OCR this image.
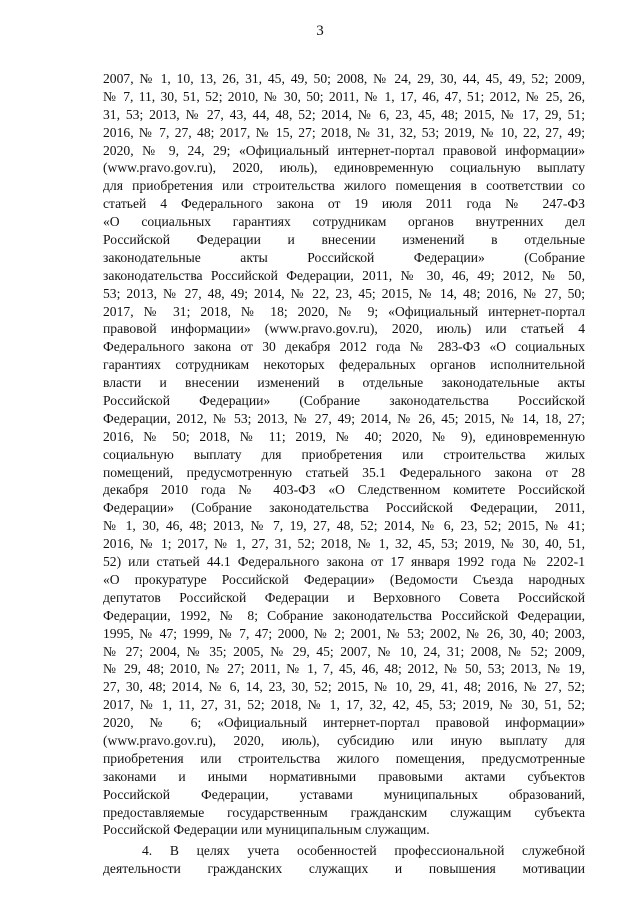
3
2007, № 1, 10, 13, 26, 31, 45, 49, 50; 2008, № 24, 29, 30, 44, 45, 49, 52; 2009,
№ 7, 11, 30, 51, 52; 2010, № 30, 50; 2011, № 1, 17, 46, 47, 51; 2012, № 25, 26,
31, 53; 2013, № 27, 43, 44, 48, 52; 2014, № 6, 23, 45, 48; 2015, № 17, 29, 51;
2016, № 7, 27, 48; 2017, № 15, 27; 2018, № 31, 32, 53; 2019, № 10, 22, 27, 49;
2020, № 9, 24, 29; «Официальный интернет-портал правовой информации»
(www.pravo.gov.ru), 2020, июль), единовременную социальную выплату
для приобретения или строительства жилого помещения в соответствии со
статьей 4 Федерального закона от 19 июля 2011 года № 247-ФЗ
«О социальных гарантиях сотрудникам органов внутренних дел
Российской Федерации и внесении изменений в отдельные
законодательные акты Российской Федерации» (Собрание
законодательства Российской Федерации, 2011, № 30, 46, 49; 2012, № 50,
53; 2013, № 27, 48, 49; 2014, № 22, 23, 45; 2015, № 14, 48; 2016, № 27, 50;
2017, № 31; 2018, № 18; 2020, № 9; «Официальный интернет-портал
правовой информации» (www.pravo.gov.ru), 2020, июль) или статьей 4
Федерального закона от 30 декабря 2012 года № 283-ФЗ «О социальных
гарантиях сотрудникам некоторых федеральных органов исполнительной
власти и внесении изменений в отдельные законодательные акты
Российской Федерации» (Собрание законодательства Российской
Федерации, 2012, № 53; 2013, № 27, 49; 2014, № 26, 45; 2015, № 14, 18, 27;
2016, № 50; 2018, № 11; 2019, № 40; 2020, № 9), единовременную
социальную выплату для приобретения или строительства жилых
помещений, предусмотренную статьей 35.1 Федерального закона от 28
декабря 2010 года № 403-ФЗ «О Следственном комитете Российской
Федерации» (Собрание законодательства Российской Федерации, 2011,
№ 1, 30, 46, 48; 2013, № 7, 19, 27, 48, 52; 2014, № 6, 23, 52; 2015, № 41;
2016, № 1; 2017, № 1, 27, 31, 52; 2018, № 1, 32, 45, 53; 2019, № 30, 40, 51,
52) или статьей 44.1 Федерального закона от 17 января 1992 года № 2202-1
«О прокуратуре Российской Федерации» (Ведомости Съезда народных
депутатов Российской Федерации и Верховного Совета Российской
Федерации, 1992, № 8; Собрание законодательства Российской Федерации,
1995, № 47; 1999, № 7, 47; 2000, № 2; 2001, № 53; 2002, № 26, 30, 40; 2003,
№ 27; 2004, № 35; 2005, № 29, 45; 2007, № 10, 24, 31; 2008, № 52; 2009,
№ 29, 48; 2010, № 27; 2011, № 1, 7, 45, 46, 48; 2012, № 50, 53; 2013, № 19,
27, 30, 48; 2014, № 6, 14, 23, 30, 52; 2015, № 10, 29, 41, 48; 2016, № 27, 52;
2017, № 1, 11, 27, 31, 52; 2018, № 1, 17, 32, 42, 45, 53; 2019, № 30, 51, 52;
2020, № 6; «Официальный интернет-портал правовой информации»
(www.pravo.gov.ru), 2020, июль), субсидию или иную выплату для
приобретения или строительства жилого помещения, предусмотренные
законами и иными нормативными правовыми актами субъектов
Российской Федерации, уставами муниципальных образований,
предоставляемые государственным гражданским служащим субъекта
Российской Федерации или муниципальным служащим.
4. В целях учета особенностей профессиональной служебной
деятельности гражданских служащих и повышения мотивации
